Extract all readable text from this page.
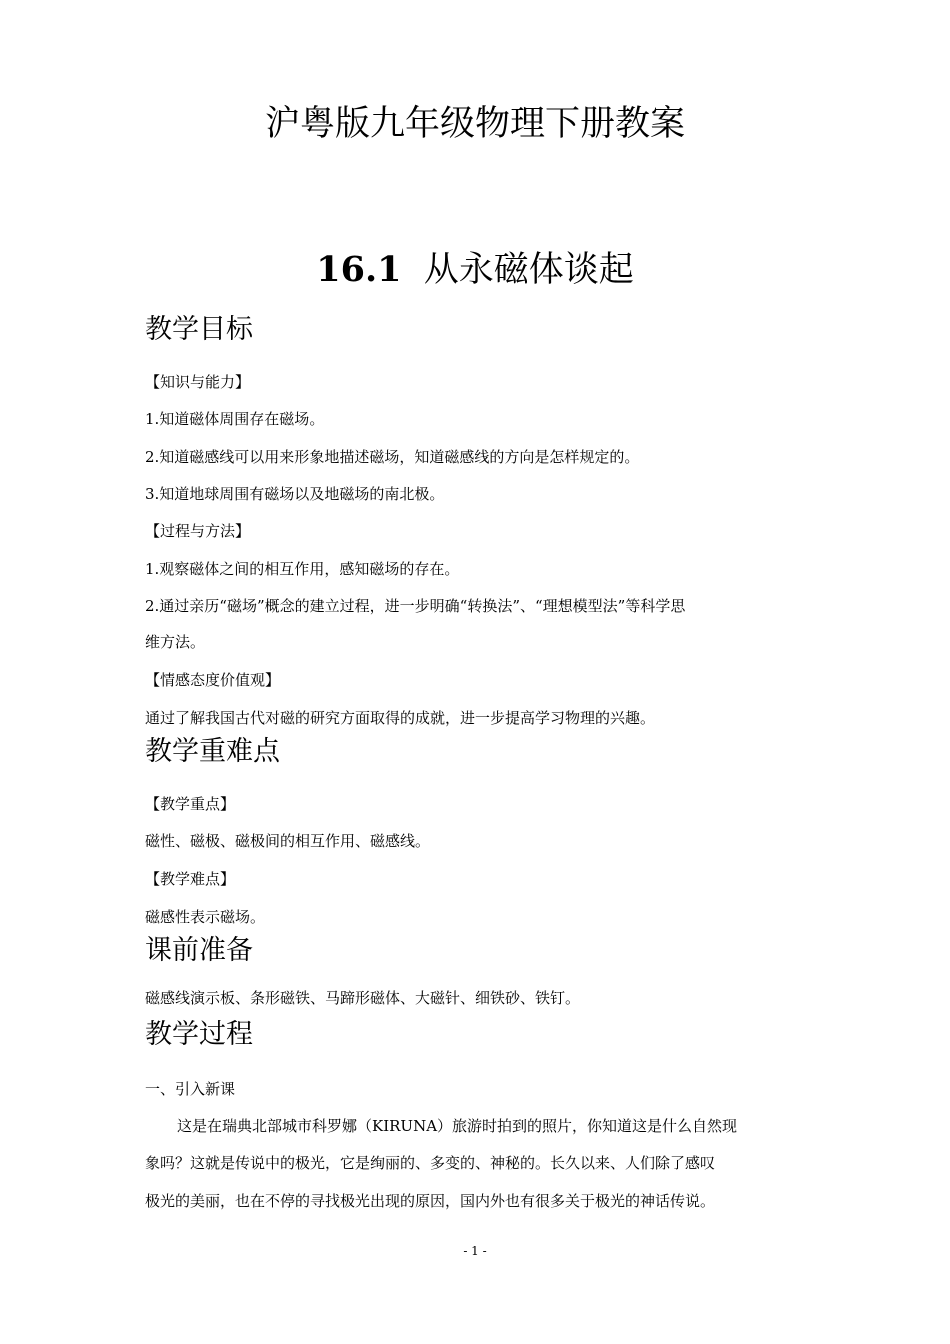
沪粤版九年级物理下册教案
16.1 从永磁体谈起
教学目标
【知识与能力】
1.知道磁体周围存在磁场。
2.知道磁感线可以用来形象地描述磁场，知道磁感线的方向是怎样规定的。
3.知道地球周围有磁场以及地磁场的南北极。
【过程与方法】
1.观察磁体之间的相互作用，感知磁场的存在。
2.通过亲历“磁场”概念的建立过程，进一步明确“转换法”、“理想模型法”等科学思
维方法。
【情感态度价值观】
通过了解我国古代对磁的研究方面取得的成就，进一步提高学习物理的兴趣。
教学重难点
【教学重点】
磁性、磁极、磁极间的相互作用、磁感线。
【教学难点】
磁感性表示磁场。
课前准备
磁感线演示板、条形磁铁、马蹄形磁体、大磁针、细铁砂、铁钉。
教学过程
一、引入新课
这是在瑞典北部城市科罗娜（KIRUNA）旅游时拍到的照片，你知道这是什么自然现
象吗？这就是传说中的极光，它是绚丽的、多变的、神秘的。长久以来、人们除了感叹
极光的美丽，也在不停的寻找极光出现的原因，国内外也有很多关于极光的神话传说。
- 1 -
